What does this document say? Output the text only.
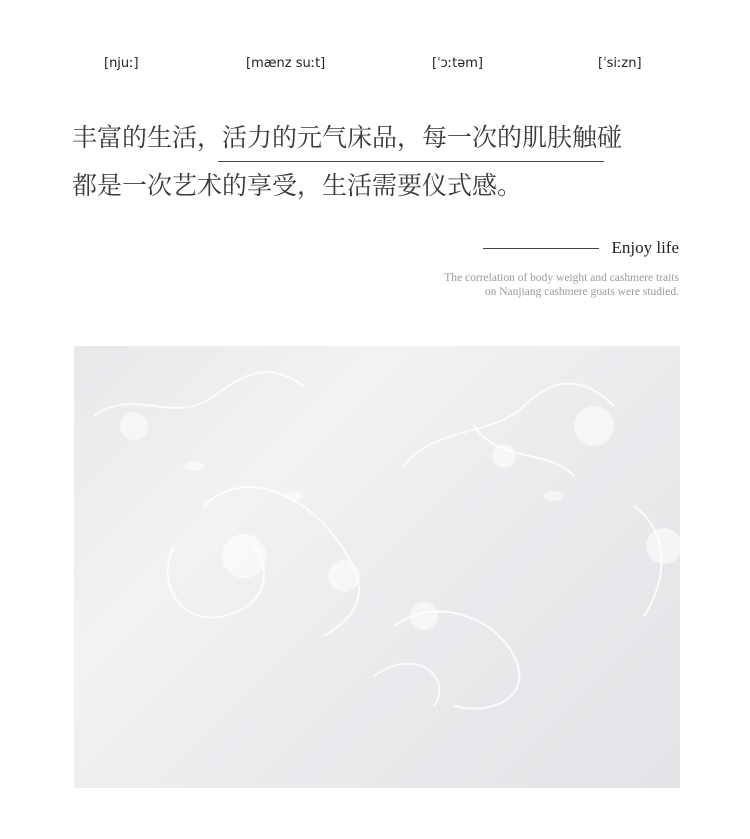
[njuː]	[mænz suːt]	[ˈɔːtəm]	[ˈsiːzn]
丰富的生活，活力的元气床品，每一次的肌肤触碰
都是一次艺术的享受，生活需要仪式感。
Enjoy life
The correlation of body weight and cashmere traits
on Nanjiang cashmere goats were studied.
